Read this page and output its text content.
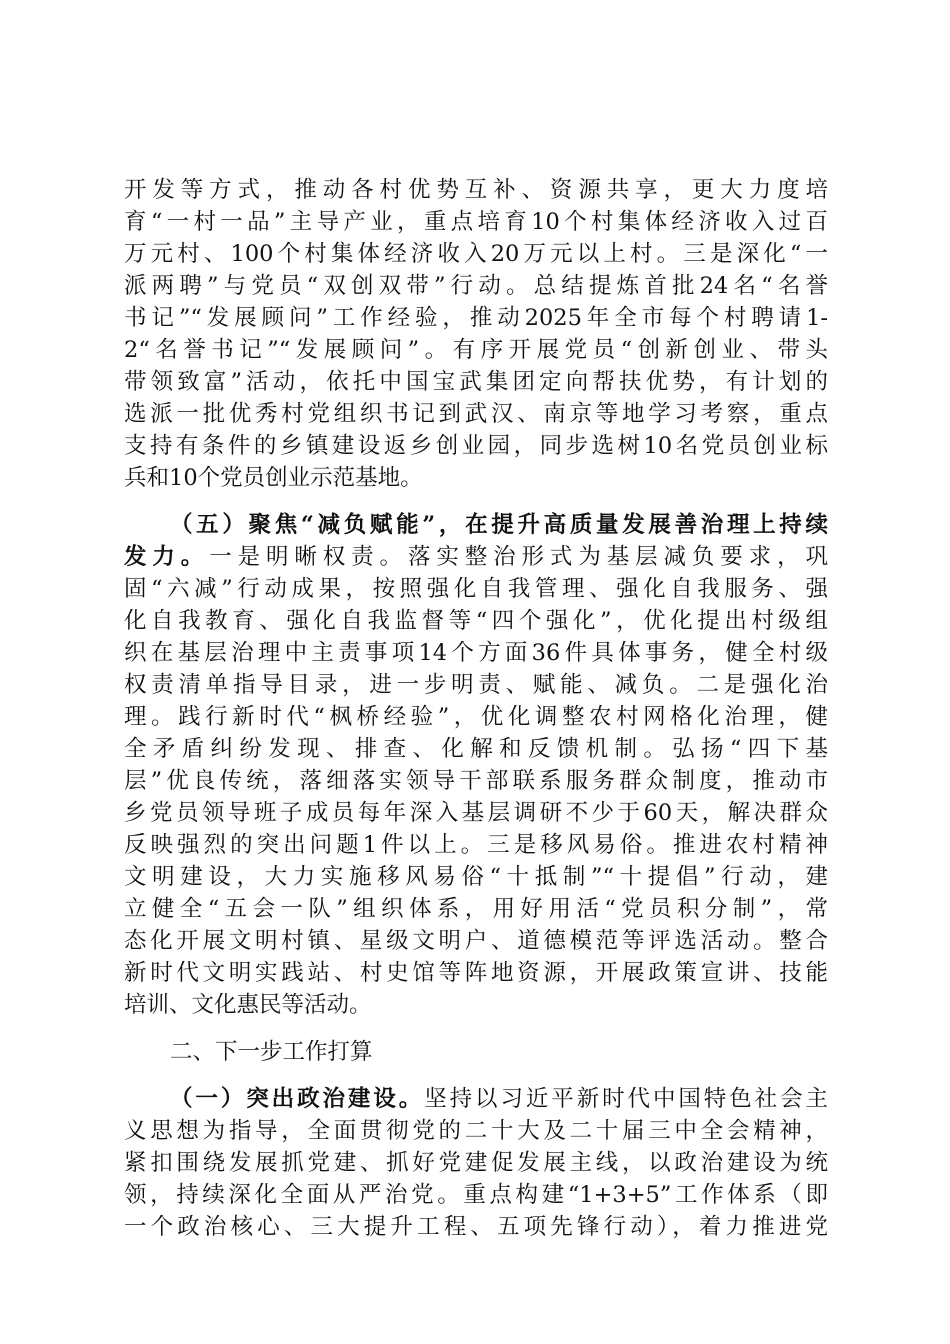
开发等方式，推动各村优势互补、资源共享，更大力度培
育“一村一品”主导产业，重点培育10个村集体经济收入过百
万元村、100个村集体经济收入20万元以上村。三是深化“一
派两聘”与党员“双创双带”行动。总结提炼首批24名“名誉
书记”“发展顾问”工作经验，推动2025年全市每个村聘请1-
2“名誉书记”“发展顾问”。有序开展党员“创新创业、带头
带领致富”活动，依托中国宝武集团定向帮扶优势，有计划的
选派一批优秀村党组织书记到武汉、南京等地学习考察，重点
支持有条件的乡镇建设返乡创业园，同步选树10名党员创业标
兵和10个党员创业示范基地。
（五）聚焦“减负赋能”，在提升高质量发展善治理上持续
发力。一是明晰权责。落实整治形式为基层减负要求，巩
固“六减”行动成果，按照强化自我管理、强化自我服务、强
化自我教育、强化自我监督等“四个强化”，优化提出村级组
织在基层治理中主责事项14个方面36件具体事务，健全村级
权责清单指导目录，进一步明责、赋能、减负。二是强化治
理。践行新时代“枫桥经验”，优化调整农村网格化治理，健
全矛盾纠纷发现、排查、化解和反馈机制。弘扬“四下基
层”优良传统，落细落实领导干部联系服务群众制度，推动市
乡党员领导班子成员每年深入基层调研不少于60天，解决群众
反映强烈的突出问题1件以上。三是移风易俗。推进农村精神
文明建设，大力实施移风易俗“十抵制”“十提倡”行动，建
立健全“五会一队”组织体系，用好用活“党员积分制”，常
态化开展文明村镇、星级文明户、道德模范等评选活动。整合
新时代文明实践站、村史馆等阵地资源，开展政策宣讲、技能
培训、文化惠民等活动。
二、下一步工作打算
（一）突出政治建设。坚持以习近平新时代中国特色社会主
义思想为指导，全面贯彻党的二十大及二十届三中全会精神，
紧扣围绕发展抓党建、抓好党建促发展主线，以政治建设为统
领，持续深化全面从严治党。重点构建“1+3+5”工作体系（即
一个政治核心、三大提升工程、五项先锋行动），着力推进党
